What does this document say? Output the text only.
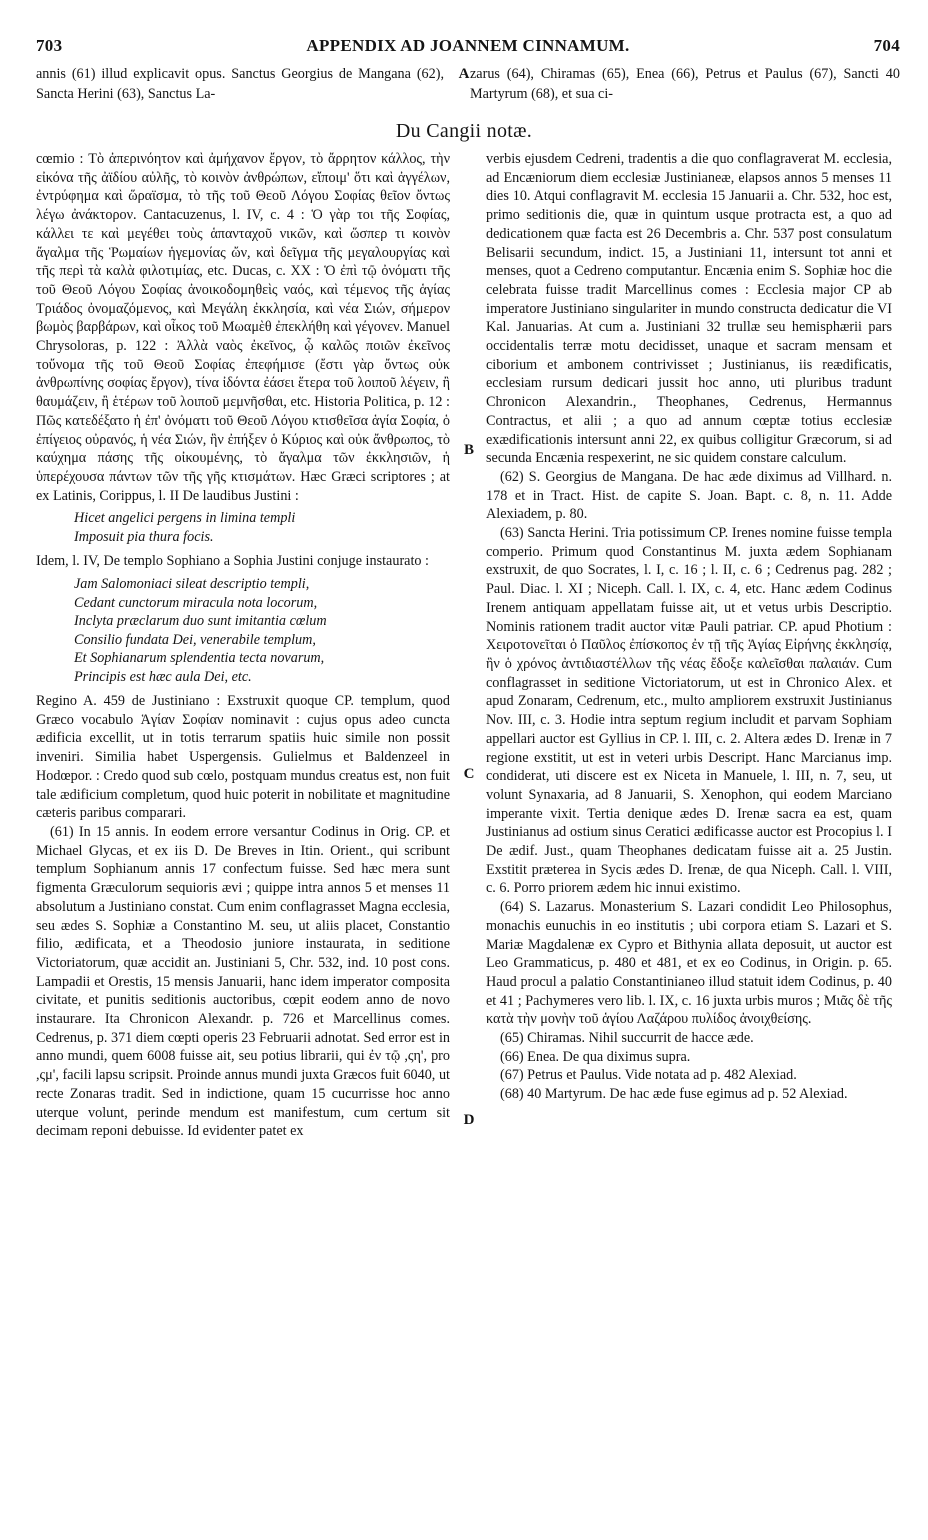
703	APPENDIX AD JOANNEM CINNAMUM.	704
annis (61) illud explicavit opus. Sanctus Georgius de Mangana (62), Sancta Herini (63), Sanctus La-
zarus (64), Chiramas (65), Enea (66), Petrus et Paulus (67), Sancti 40 Martyrum (68), et sua ci-
Du Cangii notæ.
A
B
C
D

cœmio : Τὸ ἀπερινόητον καὶ ἀμήχανον ἔργον, τὸ ἄρρητον κάλλος, τὴν εἰκόνα τῆς ἀϊδίου αὐλῆς, τὸ κοινὸν ἀνθρώπων, εἴποιμ' ὅτι καὶ ἀγγέλων, ἐντρύφημα καὶ ὥραϊσμα, τὸ τῆς τοῦ Θεοῦ Λόγου Σοφίας θεῖον ὄντως λέγω ἀνάκτορον. Cantacuzenus, l. IV, c. 4 : Ὁ γὰρ τοι τῆς Σοφίας, κάλλει τε καὶ μεγέθει τοὺς ἁπανταχοῦ νικῶν, καὶ ὥσπερ τι κοινὸν ἄγαλμα τῆς Ῥωμαίων ἡγεμονίας ὤν, καὶ δεῖγμα τῆς μεγαλουργίας καὶ τῆς περὶ τὰ καλὰ φιλοτιμίας, etc. Ducas, c. XX : Ὁ ἐπὶ τῷ ὀνόματι τῆς τοῦ Θεοῦ Λόγου Σοφίας ἀνοικοδομηθεὶς ναός, καὶ τέμενος τῆς ἁγίας Τριάδος ὀνομαζόμενος, καὶ Μεγάλη ἐκκλησία, καὶ νέα Σιών, σήμερον βωμὸς βαρβάρων, καὶ οἶκος τοῦ Μωαμὲθ ἐπεκλήθη καὶ γέγονεν. Manuel Chrysoloras, p. 122 : Ἀλλὰ ναὸς ἐκεῖνος, ᾧ καλῶς ποιῶν ἐκεῖνος τοὔνομα τῆς τοῦ Θεοῦ Σοφίας ἐπεφήμισε (ἔστι γὰρ ὄντως οὐκ ἀνθρωπίνης σοφίας ἔργον), τίνα ἰδόντα ἐάσει ἕτερα τοῦ λοιποῦ λέγειν, ἢ θαυμάζειν, ἢ ἑτέρων τοῦ λοιποῦ μεμνῆσθαι, etc. Historia Politica, p. 12 : Πῶς κατεδέξατο ἡ ἐπ' ὀνόματι τοῦ Θεοῦ Λόγου κτισθεῖσα ἁγία Σοφία, ὁ ἐπίγειος οὐρανός, ἡ νέα Σιών, ἣν ἐπήξεν ὁ Κύριος καὶ οὐκ ἄνθρωπος, τὸ καύχημα πάσης τῆς οἰκουμένης, τὸ ἄγαλμα τῶν ἐκκλησιῶν, ἡ ὑπερέχουσα πάντων τῶν τῆς γῆς κτισμάτων. Hæc Græci scriptores ; at ex Latinis, Corippus, l. II De laudibus Justini :

Hicet angelici pergens in limina templi
Imposuit pia thura focis.

Idem, l. IV, De templo Sophiano a Sophia Justini conjuge instaurato :

Jam Salomoniaci sileat descriptio templi,
Cedant cunctorum miracula nota locorum,
Inclyta præclarum duo sunt imitantia cœlum
Consilio fundata Dei, venerabile templum,
Et Sophianarum splendentia tecta novarum,
Principis est hæc aula Dei, etc.

Regino A. 459 de Justiniano : Exstruxit quoque CP. templum, quod Græco vocabulo Ἁγίαν Σοφίαν nominavit : cujus opus adeo cuncta ædificia excellit, ut in totis terrarum spatiis huic simile non possit inveniri. Similia habet Uspergensis. Gulielmus et Baldenzeel in Hodœpor. : Credo quod sub cœlo, postquam mundus creatus est, non fuit tale ædificium completum, quod huic poterit in nobilitate et magnitudine cæteris paribus comparari.

(61) In 15 annis. In eodem errore versantur Codinus in Orig. CP. et Michael Glycas, et ex iis D. De Breves in Itin. Orient., qui scribunt templum Sophianum annis 17 confectum fuisse. Sed hæc mera sunt figmenta Græculorum sequioris ævi ; quippe intra annos 5 et menses 11 absolutum a Justiniano constat. Cum enim conflagrasset Magna ecclesia, seu ædes S. Sophiæ a Constantino M. seu, ut aliis placet, Constantio filio, ædificata, et a Theodosio juniore instaurata, in seditione Victoriatorum, quæ accidit an. Justiniani 5, Chr. 532, ind. 10 post cons. Lampadii et Orestis, 15 mensis Januarii, hanc idem imperator composita civitate, et punitis seditionis auctoribus, cœpit eodem anno de novo instaurare. Ita Chronicon Alexandr. p. 726 et Marcellinus comes. Cedrenus, p. 371 diem cœpti operis 23 Februarii adnotat. Sed error est in anno mundi, quem 6008 fuisse ait, seu potius librarii, qui ἐν τῷ ,ςη', pro ,ςμ', facili lapsu scripsit. Proinde annus mundi juxta Græcos fuit 6040, ut recte Zonaras tradit. Sed in indictione, quam 15 cucurrisse hoc anno uterque volunt, perinde mendum est manifestum, cum certum sit decimam reponi debuisse. Id evidenter patet ex

verbis ejusdem Cedreni, tradentis a die quo conflagraverat M. ecclesia, ad Encæniorum diem ecclesiæ Justinianeæ, elapsos annos 5 menses 11 dies 10. Atqui conflagravit M. ecclesia 15 Januarii a. Chr. 532, hoc est, primo seditionis die, quæ in quintum usque protracta est, a quo ad dedicationem quæ facta est 26 Decembris a. Chr. 537 post consulatum Belisarii secundum, indict. 15, a Justiniani 11, intersunt tot anni et menses, quot a Cedreno computantur. Encænia enim S. Sophiæ hoc die celebrata fuisse tradit Marcellinus comes : Ecclesia major CP ab imperatore Justiniano singulariter in mundo constructa dedicatur die VI Kal. Januarias. At cum a. Justiniani 32 trullæ seu hemisphærii pars occidentalis terræ motu decidisset, unaque et sacram mensam et ciborium et ambonem contrivisset ; Justinianus, iis reædificatis, ecclesiam rursum dedicari jussit hoc anno, uti pluribus tradunt Chronicon Alexandrin., Theophanes, Cedrenus, Hermannus Contractus, et alii ; a quo ad annum cœptæ totius ecclesiæ exædificationis intersunt anni 22, ex quibus colligitur Græcorum, si ad secunda Encænia respexerint, ne sic quidem constare calculum.

(62) S. Georgius de Mangana. De hac æde diximus ad Villhard. n. 178 et in Tract. Hist. de capite S. Joan. Bapt. c. 8, n. 11. Adde Alexiadem, p. 80.

(63) Sancta Herini. Tria potissimum CP. Irenes nomine fuisse templa comperio. Primum quod Constantinus M. juxta ædem Sophianam exstruxit, de quo Socrates, l. I, c. 16 ; l. II, c. 6 ; Cedrenus pag. 282 ; Paul. Diac. l. XI ; Niceph. Call. l. IX, c. 4, etc. Hanc ædem Codinus Irenem antiquam appellatam fuisse ait, ut et vetus urbis Descriptio. Nominis rationem tradit auctor vitæ Pauli patriar. CP. apud Photium : Χειροτονεῖται ὁ Παῦλος ἐπίσκοπος ἐν τῇ τῆς Ἁγίας Εἰρήνης ἐκκλησίᾳ, ἣν ὁ χρόνος ἀντιδιαστέλλων τῆς νέας ἔδοξε καλεῖσθαι παλαιάν. Cum conflagrasset in seditione Victoriatorum, ut est in Chronico Alex. et apud Zonaram, Cedrenum, etc., multo ampliorem exstruxit Justinianus Nov. III, c. 3. Hodie intra septum regium includit et parvam Sophiam appellari auctor est Gyllius in CP. l. III, c. 2. Altera ædes D. Irenæ in 7 regione exstitit, ut est in veteri urbis Descript. Hanc Marcianus imp. condiderat, uti discere est ex Niceta in Manuele, l. III, n. 7, seu, ut volunt Synaxaria, ad 8 Januarii, S. Xenophon, qui eodem Marciano imperante vixit. Tertia denique ædes D. Irenæ sacra ea est, quam Justinianus ad ostium sinus Ceratici ædificasse auctor est Procopius l. I De ædif. Just., quam Theophanes dedicatam fuisse ait a. 25 Justin. Exstitit præterea in Sycis ædes D. Irenæ, de qua Niceph. Call. l. VIII, c. 6. Porro priorem ædem hic innui existimo.

(64) S. Lazarus. Monasterium S. Lazari condidit Leo Philosophus, monachis eunuchis in eo institutis ; ubi corpora etiam S. Lazari et S. Mariæ Magdalenæ ex Cypro et Bithynia allata deposuit, ut auctor est Leo Grammaticus, p. 480 et 481, et ex eo Codinus, in Origin. p. 65. Haud procul a palatio Constantinianeo illud statuit idem Codinus, p. 40 et 41 ; Pachymeres vero lib. l. IX, c. 16 juxta urbis muros ; Μιᾶς δὲ τῆς κατὰ τὴν μονὴν τοῦ ἁγίου Λαζάρου πυλίδος ἀνοιχθείσης.

(65) Chiramas. Nihil succurrit de hacce æde.

(66) Enea. De qua diximus supra.

(67) Petrus et Paulus. Vide notata ad p. 482 Alexiad.

(68) 40 Martyrum. De hac æde fuse egimus ad p. 52 Alexiad.
